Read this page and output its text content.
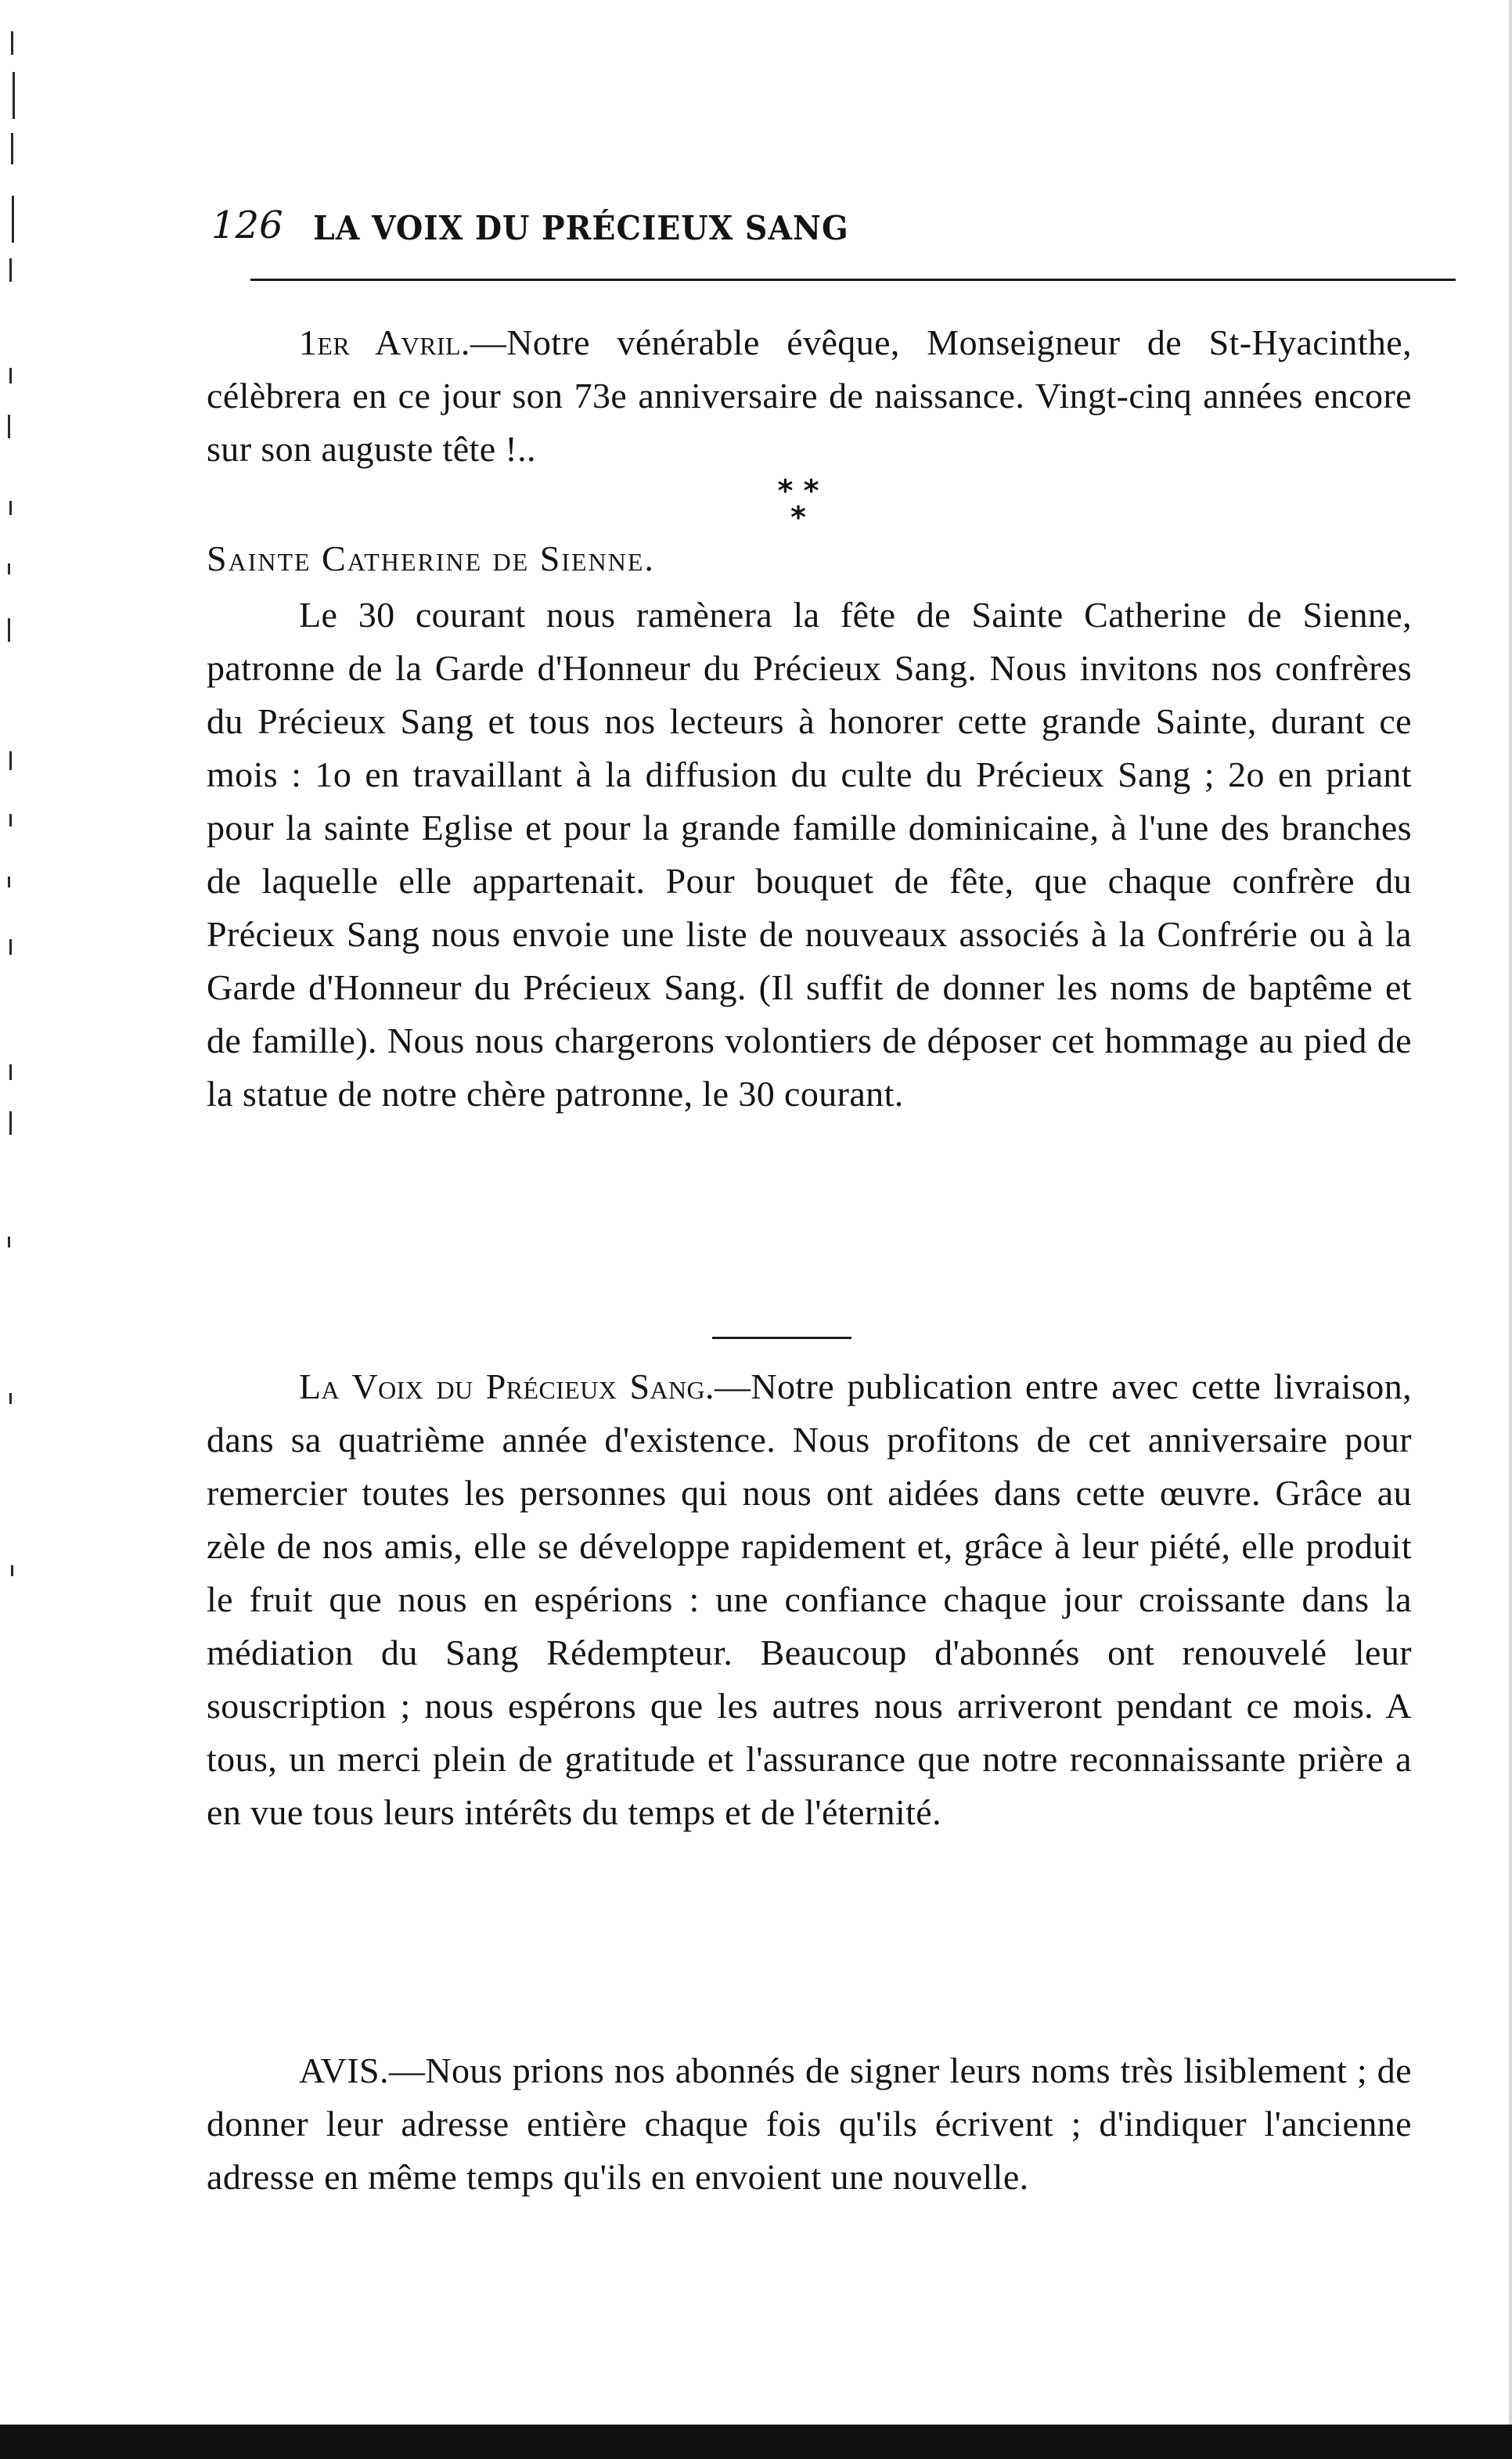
126 LA VOIX DU PRÉCIEUX SANG

1er Avril.—Notre vénérable évêque, Monseigneur de St-Hyacinthe, célèbrera en ce jour son 73e anniversaire de naissance. Vingt-cinq années encore sur son auguste tête !..

* *
*
Sainte Catherine de Sienne.

Le 30 courant nous ramènera la fête de Sainte Catherine de Sienne, patronne de la Garde d'Honneur du Précieux Sang. Nous invitons nos confrères du Précieux Sang et tous nos lecteurs à honorer cette grande Sainte, durant ce mois : 1o en travaillant à la diffusion du culte du Précieux Sang ; 2o en priant pour la sainte Eglise et pour la grande famille dominicaine, à l'une des branches de laquelle elle appartenait. Pour bouquet de fête, que chaque confrère du Précieux Sang nous envoie une liste de nouveaux associés à la Confrérie ou à la Garde d'Honneur du Précieux Sang. (Il suffit de donner les noms de baptême et de famille). Nous nous chargerons volontiers de déposer cet hommage au pied de la statue de notre chère patronne, le 30 courant.

La Voix du Précieux Sang.—Notre publication entre avec cette livraison, dans sa quatrième année d'existence. Nous profitons de cet anniversaire pour remercier toutes les personnes qui nous ont aidées dans cette œuvre. Grâce au zèle de nos amis, elle se développe rapidement et, grâce à leur piété, elle produit le fruit que nous en espérions : une confiance chaque jour croissante dans la médiation du Sang Rédempteur. Beaucoup d'abonnés ont renouvelé leur souscription ; nous espérons que les autres nous arriveront pendant ce mois. A tous, un merci plein de gratitude et l'assurance que notre reconnaissante prière a en vue tous leurs intérêts du temps et de l'éternité.

AVIS.—Nous prions nos abonnés de signer leurs noms très lisiblement ; de donner leur adresse entière chaque fois qu'ils écrivent ; d'indiquer l'ancienne adresse en même temps qu'ils en envoient une nouvelle.
